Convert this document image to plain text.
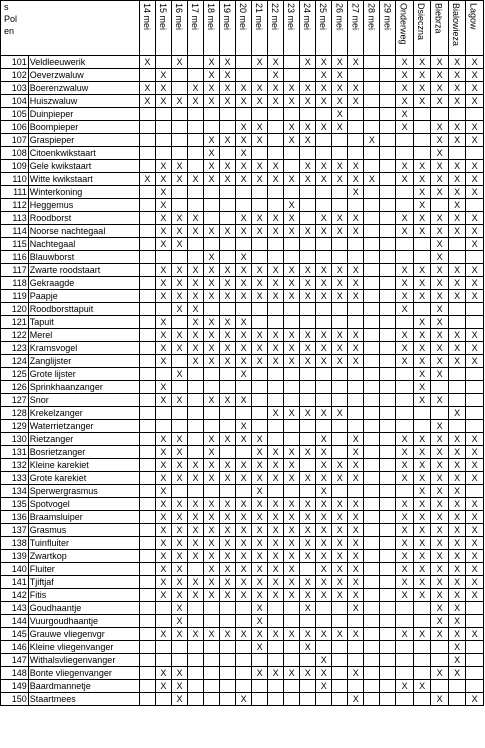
s
Pol
en		14 mei	15 mei	16 mei	17 mei	18 mei	19 mei	20 mei	21 mei	22 mei	23 mei	24 mei	25 mei	26 mei	27 mei	28 mei	29 mei	Onderweg	Dsieczna	Biebrza	Bialowieza	Lagow

101	Veldleeuwerik	X		X		X	X		X	X		X	X	X	X			X	X	X	X	X
102	Oeverzwaluw		X			X	X			X			X	X				X	X	X	X	X
103	Boerenzwaluw	X	X		X	X	X	X	X	X	X	X	X	X	X			X	X	X	X	X
104	Huiszwaluw	X	X	X	X	X	X	X	X	X	X	X	X	X	X			X	X	X	X	X
105	Duinpieper													X				X				
106	Boompieper							X	X		X	X	X	X				X		X	X	X
107	Graspieper					X	X	X	X		X	X				X				X	X	X
108	Citoenkwikstaart					X		X												X		
109	Gele kwikstaart		X	X		X	X	X	X	X		X	X	X	X			X	X	X	X	X
110	Witte kwikstaart	X	X	X	X	X	X	X	X	X	X	X	X	X	X	X		X	X	X	X	X
111	Winterkoning		X												X				X	X	X	X
112	Heggemus		X								X								X		X	
113	Roodborst		X	X	X			X	X	X	X		X	X	X			X	X	X	X	X
114	Noorse nachtegaal		X	X	X	X	X	X	X	X	X	X	X	X	X			X	X	X	X	X
115	Nachtegaal		X	X																X		X
116	Blauwborst					X		X												X		
117	Zwarte roodstaart		X	X	X	X	X	X	X	X	X	X	X	X	X			X	X	X	X	X
118	Gekraagde		X	X	X	X	X	X	X	X	X	X	X	X	X			X	X	X	X	X
119	Paapje		X	X	X	X	X	X	X	X	X	X	X	X	X			X	X	X	X	X
120	Roodborsttapuit			X	X													X		X		
121	Tapuit		X		X	X	X	X											X	X		
122	Merel		X	X	X	X	X	X	X	X	X	X	X	X	X			X	X	X	X	X
123	Kramsvogel		X	X	X	X	X	X	X	X	X	X	X	X	X			X	X	X	X	X
124	Zanglijster		X		X	X	X	X	X	X	X	X	X	X	X			X	X	X	X	X
125	Grote lijster			X				X											X	X		
126	Sprinkhaanzanger		X																X			
127	Snor		X	X		X	X	X											X	X		
128	Krekelzanger									X	X	X	X	X							X	
129	Waterrietzanger							X												X		
130	Rietzanger		X	X		X	X	X	X				X		X			X	X	X	X	X
131	Bosrietzanger		X	X		X			X	X	X	X	X		X			X	X	X	X	X
132	Kleine karekiet		X	X	X	X	X	X	X	X	X		X	X	X			X	X	X	X	X
133	Grote karekiet		X	X	X	X	X	X	X	X	X	X	X	X	X			X	X	X	X	X
134	Sperwergrasmus		X						X				X						X	X	X	
135	Spotvogel		X	X	X	X	X	X	X	X	X	X	X	X	X			X	X	X	X	X
136	Braamsluiper		X	X	X	X	X	X	X	X	X	X	X	X	X			X	X	X	X	X
137	Grasmus		X	X	X	X	X	X	X	X	X	X	X	X	X			X	X	X	X	X
138	Tuinfluiter		X	X	X	X	X	X	X	X	X	X	X	X	X			X	X	X	X	X
139	Zwartkop		X	X	X	X	X	X	X	X	X	X	X	X	X			X	X	X	X	X
140	Fluiter		X	X		X	X	X	X	X	X		X	X	X			X	X	X	X	X
141	Tjiftjaf		X	X	X	X	X	X	X	X	X	X	X	X	X			X	X	X	X	X
142	Fitis		X	X	X	X	X	X	X	X	X	X	X	X	X			X	X	X	X	X
143	Goudhaantje			X					X			X			X					X	X	
144	Vuurgoudhaantje			X					X											X	X	
145	Grauwe vliegenvgr		X	X	X	X	X	X	X	X	X	X	X	X	X			X	X	X	X	X
146	Kleine vliegenvanger								X			X									X	
147	Withalsvliegenvanger												X								X	
148	Bonte vliegenvanger		X	X					X	X	X	X	X		X					X	X	
149	Baardmannetje		X	X									X					X	X			
150	Staartmees			X				X							X					X		X
